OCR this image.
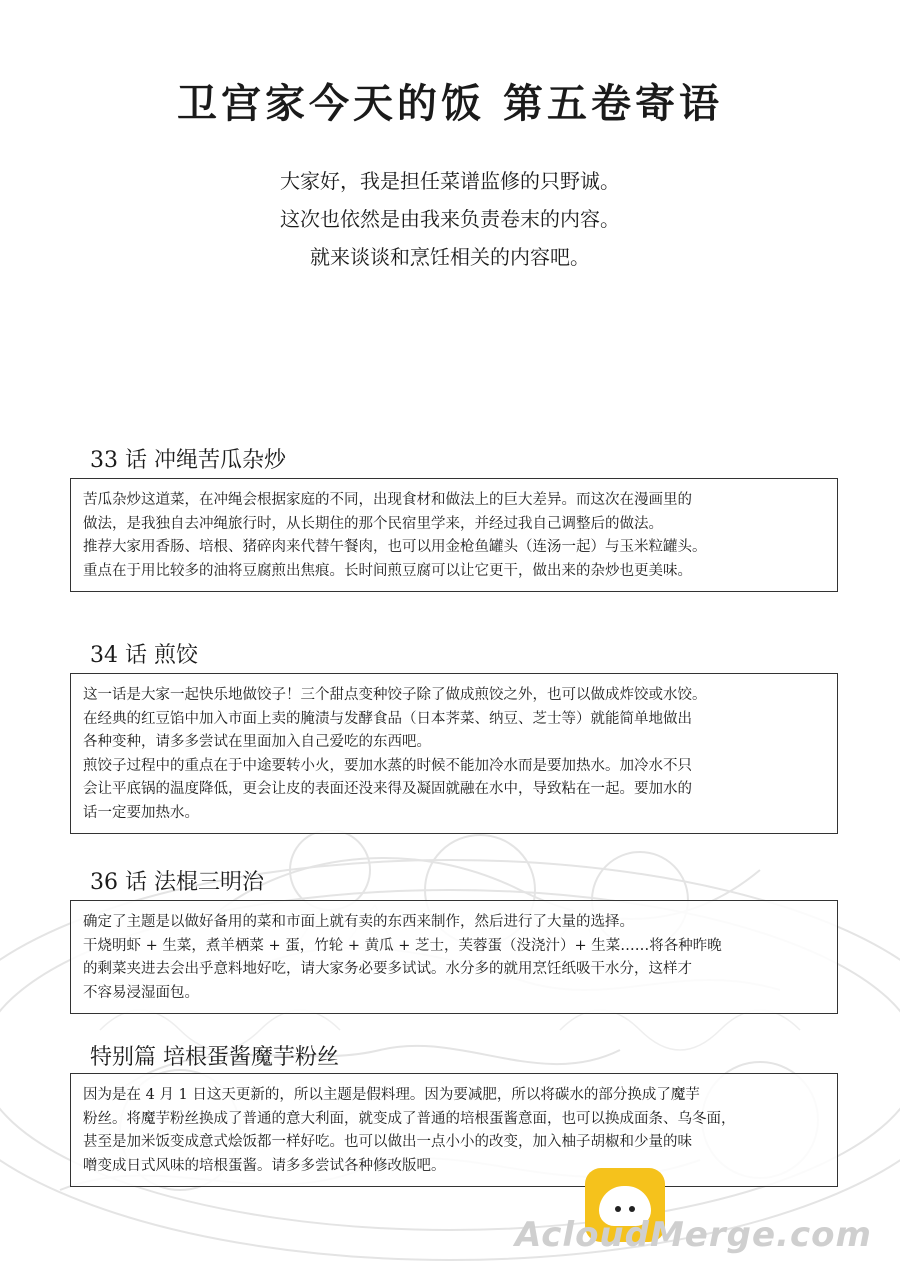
卫宫家今天的饭 第五卷寄语

大家好，我是担任菜谱监修的只野诚。

这次也依然是由我来负责卷末的内容。

就来谈谈和烹饪相关的内容吧。

33 话 冲绳苦瓜杂炒

苦瓜杂炒这道菜，在冲绳会根据家庭的不同，出现食材和做法上的巨大差异。而这次在漫画里的

做法，是我独自去冲绳旅行时，从长期住的那个民宿里学来，并经过我自己调整后的做法。

推荐大家用香肠、培根、猪碎肉来代替午餐肉，也可以用金枪鱼罐头（连汤一起）与玉米粒罐头。

重点在于用比较多的油将豆腐煎出焦痕。长时间煎豆腐可以让它更干，做出来的杂炒也更美味。

34 话 煎饺

这一话是大家一起快乐地做饺子！三个甜点变种饺子除了做成煎饺之外，也可以做成炸饺或水饺。

在经典的红豆馅中加入市面上卖的腌渍与发酵食品（日本荠菜、纳豆、芝士等）就能简单地做出

各种变种，请多多尝试在里面加入自己爱吃的东西吧。

煎饺子过程中的重点在于中途要转小火，要加水蒸的时候不能加冷水而是要加热水。加冷水不只

会让平底锅的温度降低，更会让皮的表面还没来得及凝固就融在水中，导致粘在一起。要加水的

话一定要加热水。

36 话 法棍三明治

确定了主题是以做好备用的菜和市面上就有卖的东西来制作，然后进行了大量的选择。

干烧明虾 + 生菜，煮羊栖菜 + 蛋，竹轮 + 黄瓜 + 芝士，芙蓉蛋（没浇汁）+ 生菜……将各种昨晚

的剩菜夹进去会出乎意料地好吃，请大家务必要多试试。水分多的就用烹饪纸吸干水分，这样才

不容易浸湿面包。

特别篇 培根蛋酱魔芋粉丝

因为是在 4 月 1 日这天更新的，所以主题是假料理。因为要减肥，所以将碳水的部分换成了魔芋

粉丝。将魔芋粉丝换成了普通的意大利面，就变成了普通的培根蛋酱意面，也可以换成面条、乌冬面，

甚至是加米饭变成意式烩饭都一样好吃。也可以做出一点小小的改变，加入柚子胡椒和少量的味

噌变成日式风味的培根蛋酱。请多多尝试各种修改版吧。

AcloudMerge.com
